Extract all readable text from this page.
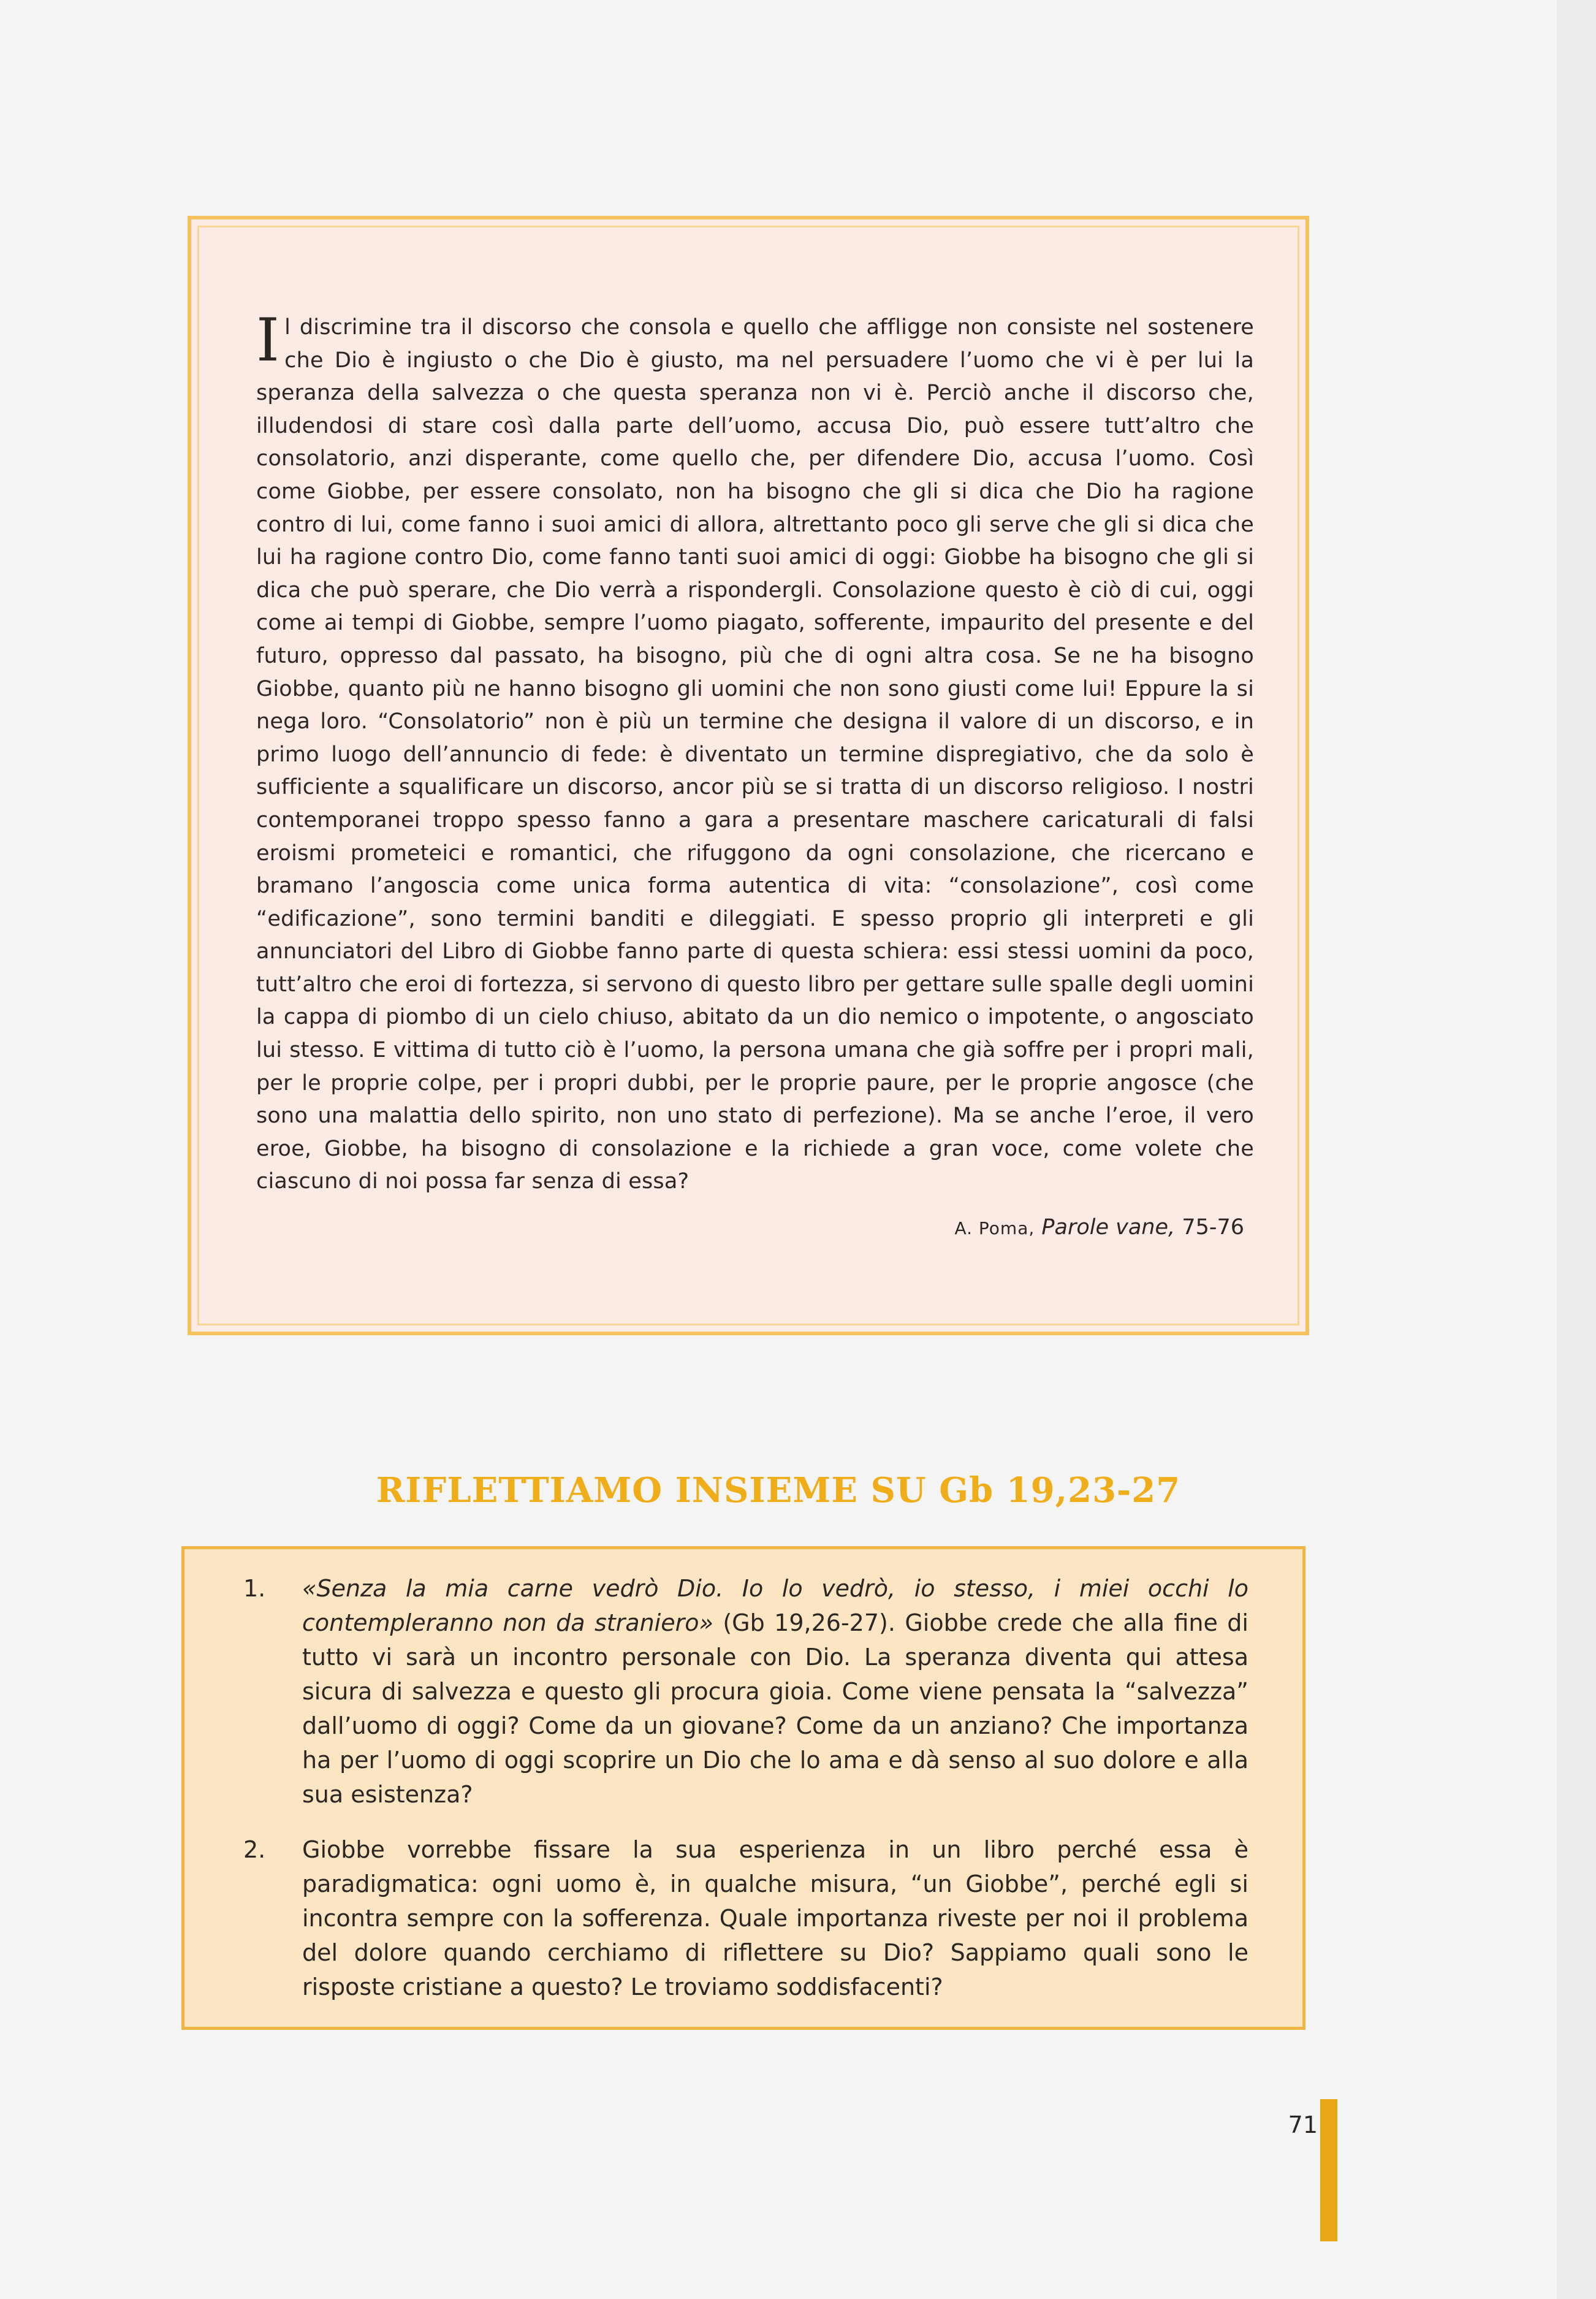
Il discrimine tra il discorso che consola e quello che affligge non consiste nel sostenere che Dio è ingiusto o che Dio è giusto, ma nel persuadere l’uomo che vi è per lui la speranza della salvezza o che questa speranza non vi è. Perciò anche il discorso che, illudendosi di stare così dalla parte dell’uomo, accusa Dio, può essere tutt’altro che consolatorio, anzi disperante, come quello che, per difendere Dio, accusa l’uomo. Così come Giobbe, per essere consolato, non ha bisogno che gli si dica che Dio ha ragione contro di lui, come fanno i suoi amici di allora, altrettanto poco gli serve che gli si dica che lui ha ragione contro Dio, come fanno tanti suoi amici di oggi: Giobbe ha bisogno che gli si dica che può sperare, che Dio verrà a rispondergli. Consolazione questo è ciò di cui, oggi come ai tempi di Giobbe, sempre l’uomo piagato, sofferente, impaurito del presente e del futuro, oppresso dal passato, ha bisogno, più che di ogni altra cosa. Se ne ha bisogno Giobbe, quanto più ne hanno bisogno gli uomini che non sono giusti come lui! Eppure la si nega loro. “Consolatorio” non è più un termine che designa il valore di un discorso, e in primo luogo dell’annuncio di fede: è diventato un termine dispregiativo, che da solo è sufficiente a squalificare un discorso, ancor più se si tratta di un discorso religioso. I nostri contemporanei troppo spesso fanno a gara a presentare maschere caricaturali di falsi eroismi prometeici e romantici, che rifuggono da ogni consolazione, che ricercano e bramano l’angoscia come unica forma autentica di vita: “consolazione”, così come “edificazione”, sono termini banditi e dileggiati. E spesso proprio gli interpreti e gli annunciatori del Libro di Giobbe fanno parte di questa schiera: essi stessi uomini da poco, tutt’altro che eroi di fortezza, si servono di questo libro per gettare sulle spalle degli uomini la cappa di piombo di un cielo chiuso, abitato da un dio nemico o impotente, o angosciato lui stesso. E vittima di tutto ciò è l’uomo, la persona umana che già soffre per i propri mali, per le proprie colpe, per i propri dubbi, per le proprie paure, per le proprie angosce (che sono una malattia dello spirito, non uno stato di perfezione). Ma se anche l’eroe, il vero eroe, Giobbe, ha bisogno di consolazione e la richiede a gran voce, come volete che ciascuno di noi possa far senza di essa?
A. Poma, Parole vane, 75-76
RIFLETTIAMO INSIEME SU Gb 19,23-27
1.	«Senza la mia carne vedrò Dio. Io lo vedrò, io stesso, i miei occhi lo contempleranno non da straniero» (Gb 19,26-27). Giobbe crede che alla fine di tutto vi sarà un incontro personale con Dio. La speranza diventa qui attesa sicura di salvezza e questo gli procura gioia. Come viene pensata la “salvezza” dall’uomo di oggi? Come da un giovane? Come da un anziano? Che importanza ha per l’uomo di oggi scoprire un Dio che lo ama e dà senso al suo dolore e alla sua esistenza?
2.	Giobbe vorrebbe fissare la sua esperienza in un libro perché essa è paradigmatica: ogni uomo è, in qualche misura, “un Giobbe”, perché egli si incontra sempre con la sofferenza. Quale importanza riveste per noi il problema del dolore quando cerchiamo di riflettere su Dio? Sappiamo quali sono le risposte cristiane a questo? Le troviamo soddisfacenti?
71
